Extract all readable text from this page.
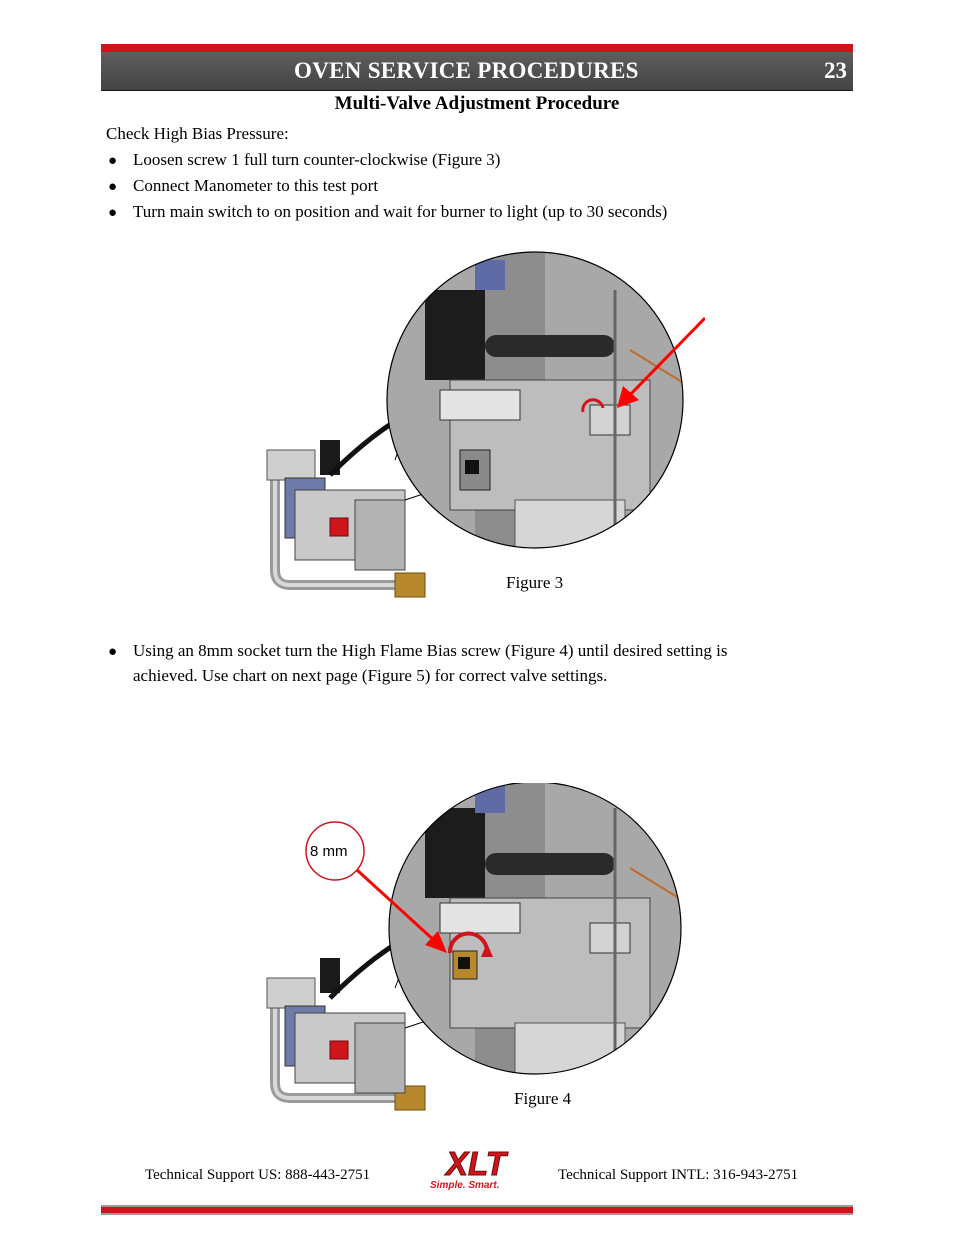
OVEN SERVICE PROCEDURES	23
Multi-Valve Adjustment Procedure
Check High Bias Pressure:
● Loosen screw 1 full turn counter-clockwise (Figure 3)
● Connect Manometer to this test port
● Turn main switch to on position and wait for burner to light (up to 30 seconds)
Figure 3
● Using an 8mm socket turn the High Flame Bias screw (Figure 4) until desired setting is
achieved. Use chart on next page (Figure 5) for correct valve settings.
8 mm
Figure 4
Technical Support US: 888-443-2751 XLT
Simple. Smart.
Technical Support INTL: 316-943-2751
